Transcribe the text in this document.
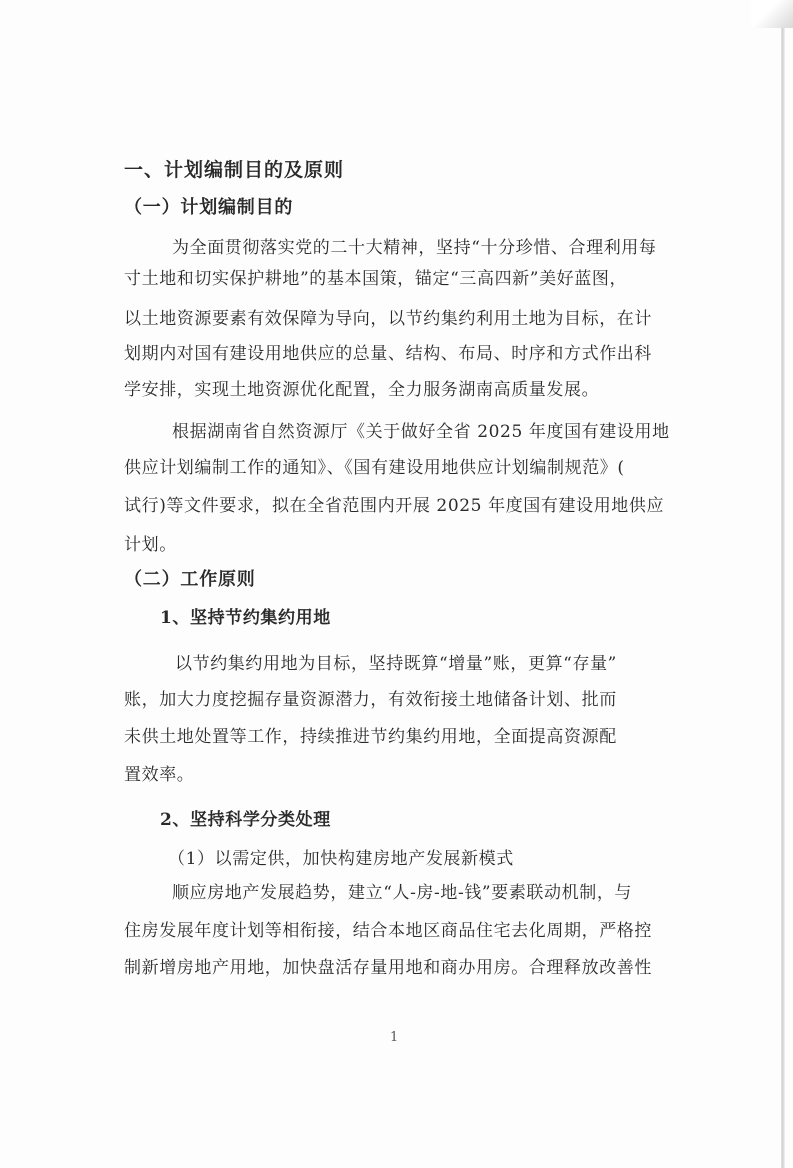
一、计划编制目的及原则
（一）计划编制目的
为全面贯彻落实党的二十大精神，坚持“十分珍惜、合理利用每
寸土地和切实保护耕地”的基本国策，锚定“三高四新”美好蓝图，
以土地资源要素有效保障为导向，以节约集约利用土地为目标，在计
划期内对国有建设用地供应的总量、结构、布局、时序和方式作出科
学安排，实现土地资源优化配置，全力服务湖南高质量发展。
根据湖南省自然资源厅《关于做好全省 2025 年度国有建设用地
供应计划编制工作的通知》、《国有建设用地供应计划编制规范》(
试行)等文件要求，拟在全省范围内开展 2025 年度国有建设用地供应
计划。
（二）工作原则
1、坚持节约集约用地
以节约集约用地为目标，坚持既算“增量”账，更算“存量”
账，加大力度挖掘存量资源潜力，有效衔接土地储备计划、批而
未供土地处置等工作，持续推进节约集约用地，全面提高资源配
置效率。
2、坚持科学分类处理
（1）以需定供，加快构建房地产发展新模式
顺应房地产发展趋势，建立“人-房-地-钱”要素联动机制，与
住房发展年度计划等相衔接，结合本地区商品住宅去化周期，严格控
制新增房地产用地，加快盘活存量用地和商办用房。合理释放改善性
1
